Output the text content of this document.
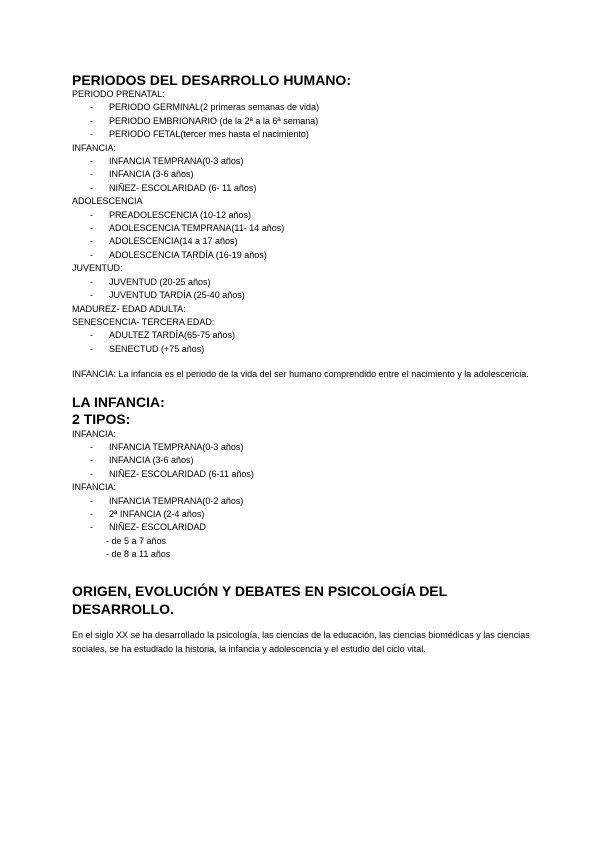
PERIODOS DEL DESARROLLO HUMANO:
PERIODO PRENATAL:
- PERIODO GERMINAL(2 primeras semanas de vida)
- PERIODO EMBRIONARIO (de la 2ª a la 6ª semana)
- PERIODO FETAL(tercer mes hasta el nacimiento)
INFANCIA:
- INFANCIA TEMPRANA(0-3 años)
- INFANCIA (3-6 años)
- NIÑEZ- ESCOLARIDAD (6- 11 años)
ADOLESCENCIA
- PREADOLESCENCIA (10-12 años)
- ADOLESCENCIA TEMPRANA(11- 14 años)
- ADOLESCENCIA(14 a 17 años)
- ADOLESCENCIA TARDÍA (16-19 años)
JUVENTUD:
- JUVENTUD (20-25 años)
- JUVENTUD TARDÍA (25-40 años)
MADUREZ- EDAD ADULTA:
SENESCENCIA- TERCERA EDAD:
- ADULTEZ TARDÍA(65-75 años)
- SENECTUD (+75 años)
INFANCIA: La infancia es el periodo de la vida del ser humano comprendido entre el nacimiento y la adolescencia.
LA INFANCIA:
2 TIPOS:
INFANCIA:
- INFANCIA TEMPRANA(0-3 años)
- INFANCIA (3-6 años)
- NIÑEZ- ESCOLARIDAD (6-11 años)
INFANCIA:
- INFANCIA TEMPRANA(0-2 años)
- 2ª INFANCIA (2-4 años)
- NIÑEZ- ESCOLARIDAD
- de 5 a 7 años
- de 8 a 11 años
ORIGEN, EVOLUCIÓN Y DEBATES EN PSICOLOGÍA DEL
DESARROLLO.
En el siglo XX se ha desarrollado la psicología, las ciencias de la educación, las ciencias biomédicas y las ciencias sociales, se ha estudiado la historia, la infancia y adolescencia y el estudio del ciclo vital.
